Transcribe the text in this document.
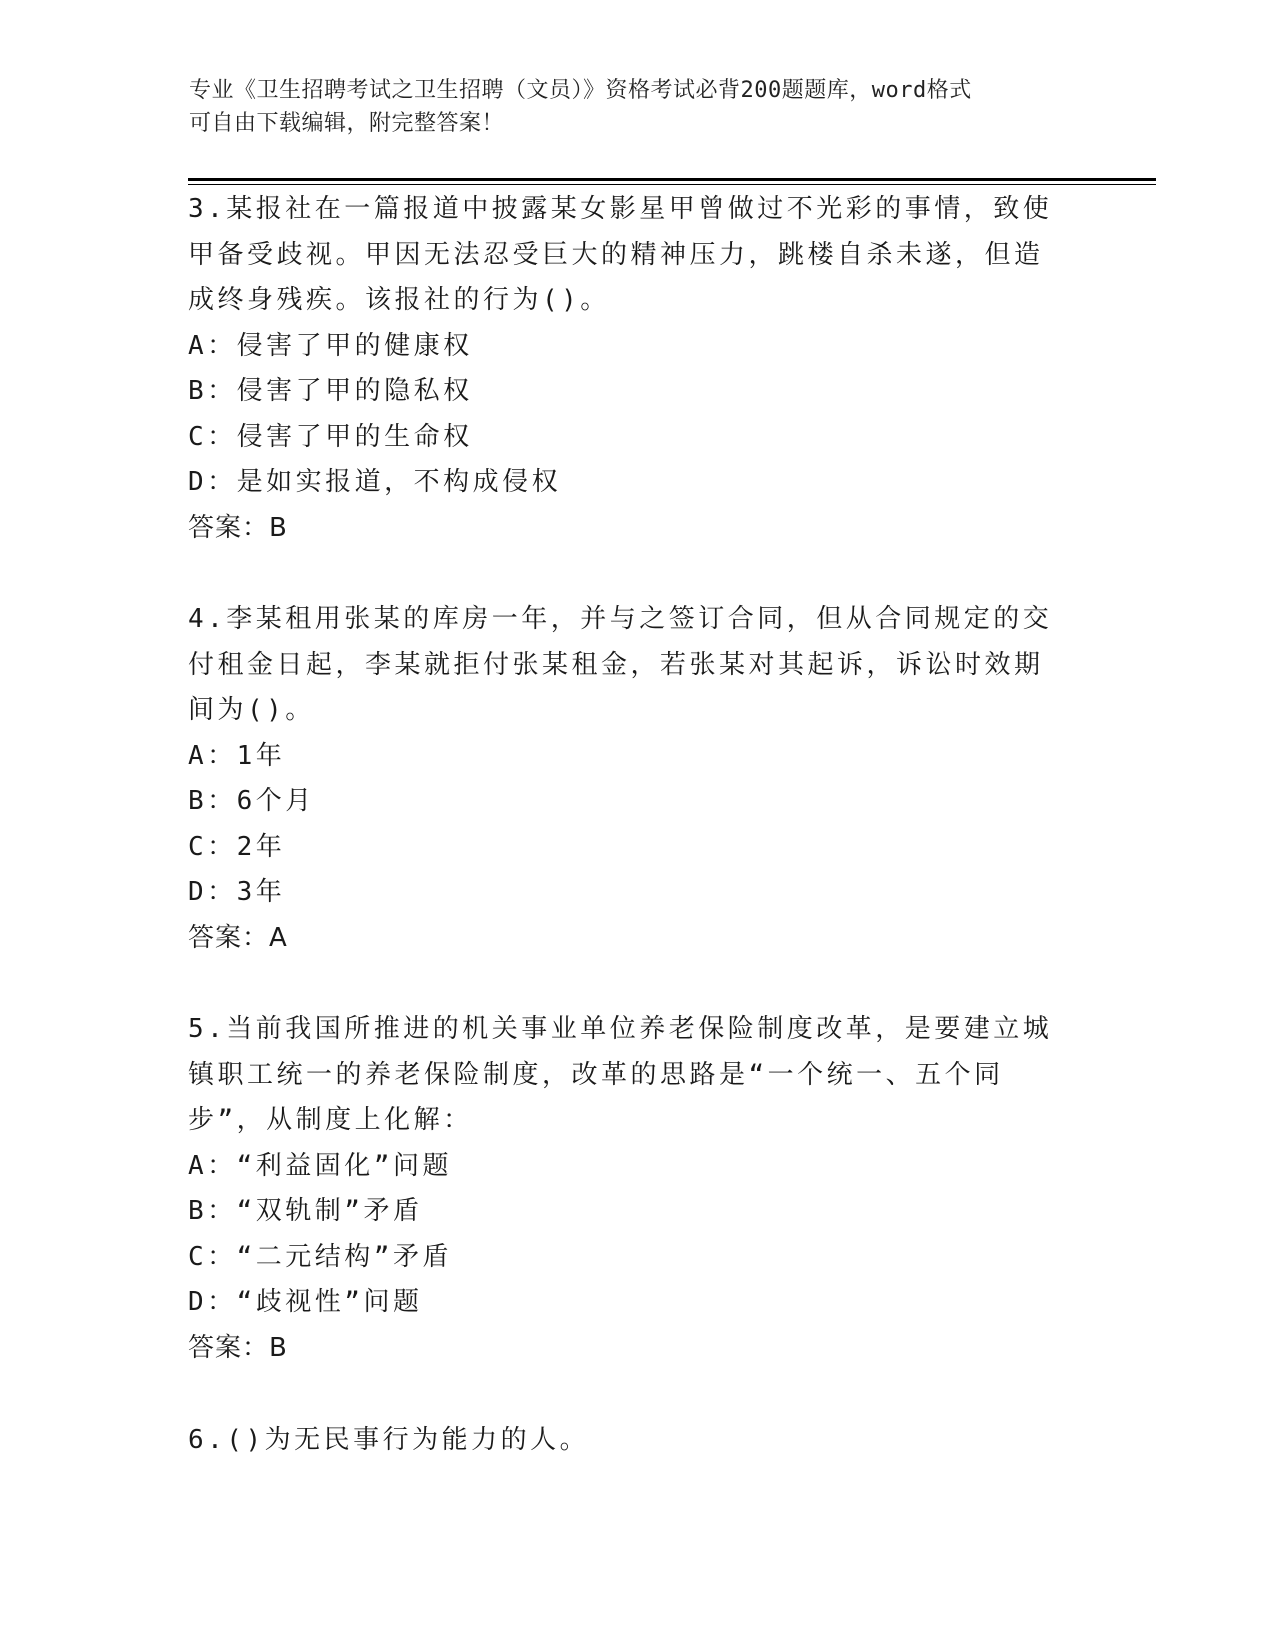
专业《卫生招聘考试之卫生招聘（文员）》资格考试必背200题题库，word格式
可自由下载编辑，附完整答案！

3.某报社在一篇报道中披露某女影星甲曾做过不光彩的事情，致使甲备受歧视。甲因无法忍受巨大的精神压力，跳楼自杀未遂，但造成终身残疾。该报社的行为()。

A：侵害了甲的健康权

B：侵害了甲的隐私权

C：侵害了甲的生命权

D：是如实报道，不构成侵权

答案：B

4.李某租用张某的库房一年，并与之签订合同，但从合同规定的交付租金日起，李某就拒付张某租金，若张某对其起诉，诉讼时效期间为()。

A：1年

B：6个月

C：2年

D：3年

答案：A

5.当前我国所推进的机关事业单位养老保险制度改革，是要建立城镇职工统一的养老保险制度，改革的思路是“一个统一、五个同步”，从制度上化解：

A：“利益固化”问题

B：“双轨制”矛盾

C：“二元结构”矛盾

D：“歧视性”问题

答案：B

6.()为无民事行为能力的人。
